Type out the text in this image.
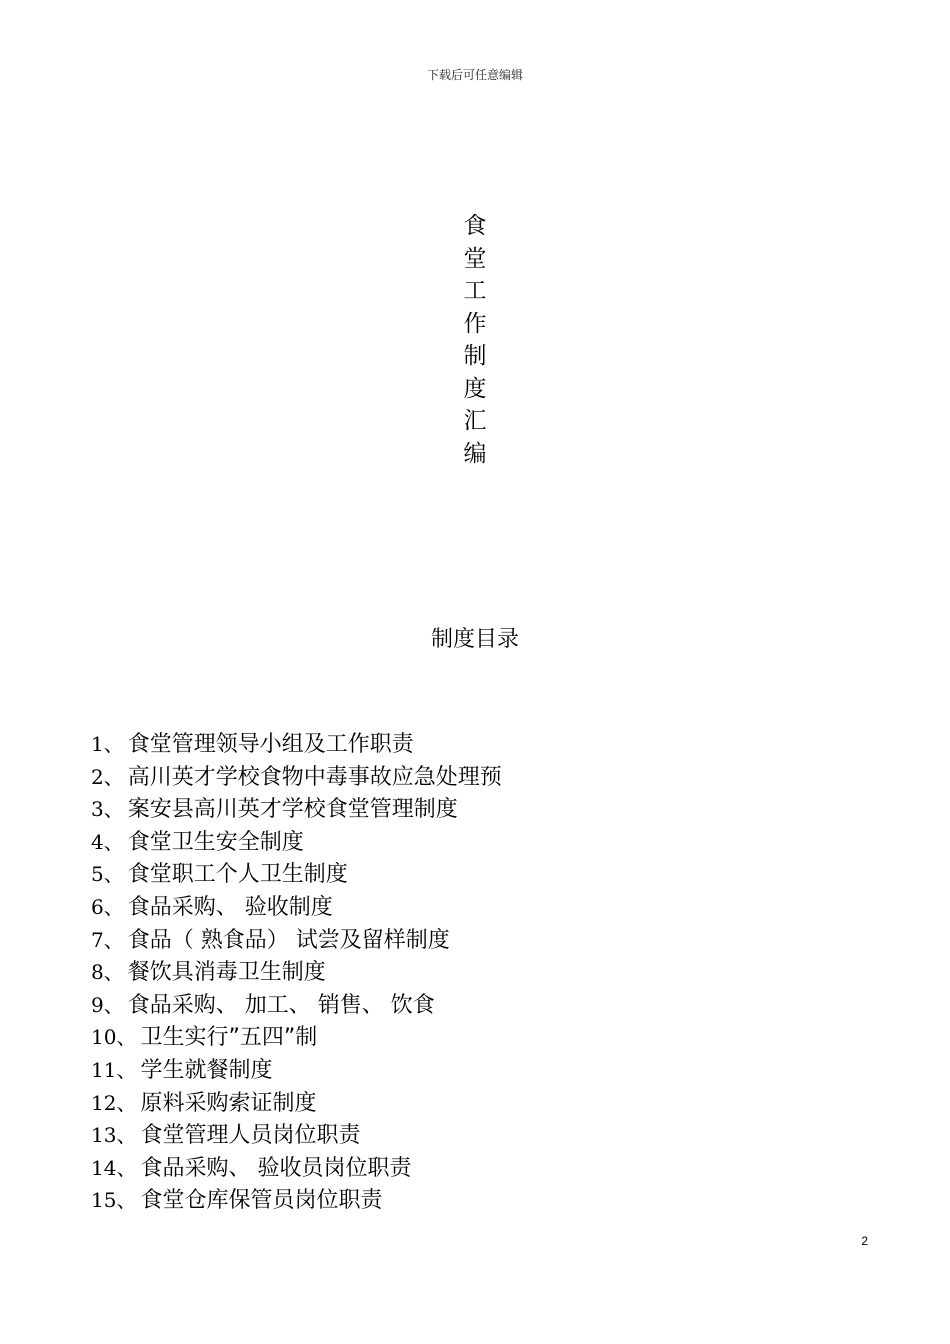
下载后可任意编辑
食
堂
工
作
制
度
汇
编
制度目录
1、 食堂管理领导小组及工作职责
2、 高川英才学校食物中毒事故应急处理预
3、 案安县高川英才学校食堂管理制度
4、 食堂卫生安全制度
5、 食堂职工个人卫生制度
6、 食品采购、 验收制度
7、 食品（ 熟食品） 试尝及留样制度
8、 餐饮具消毒卫生制度
9、 食品采购、 加工、 销售、 饮食
10、 卫生实行”五四”制
11、 学生就餐制度
12、 原料采购索证制度
13、 食堂管理人员岗位职责
14、 食品采购、 验收员岗位职责
15、 食堂仓库保管员岗位职责
2
